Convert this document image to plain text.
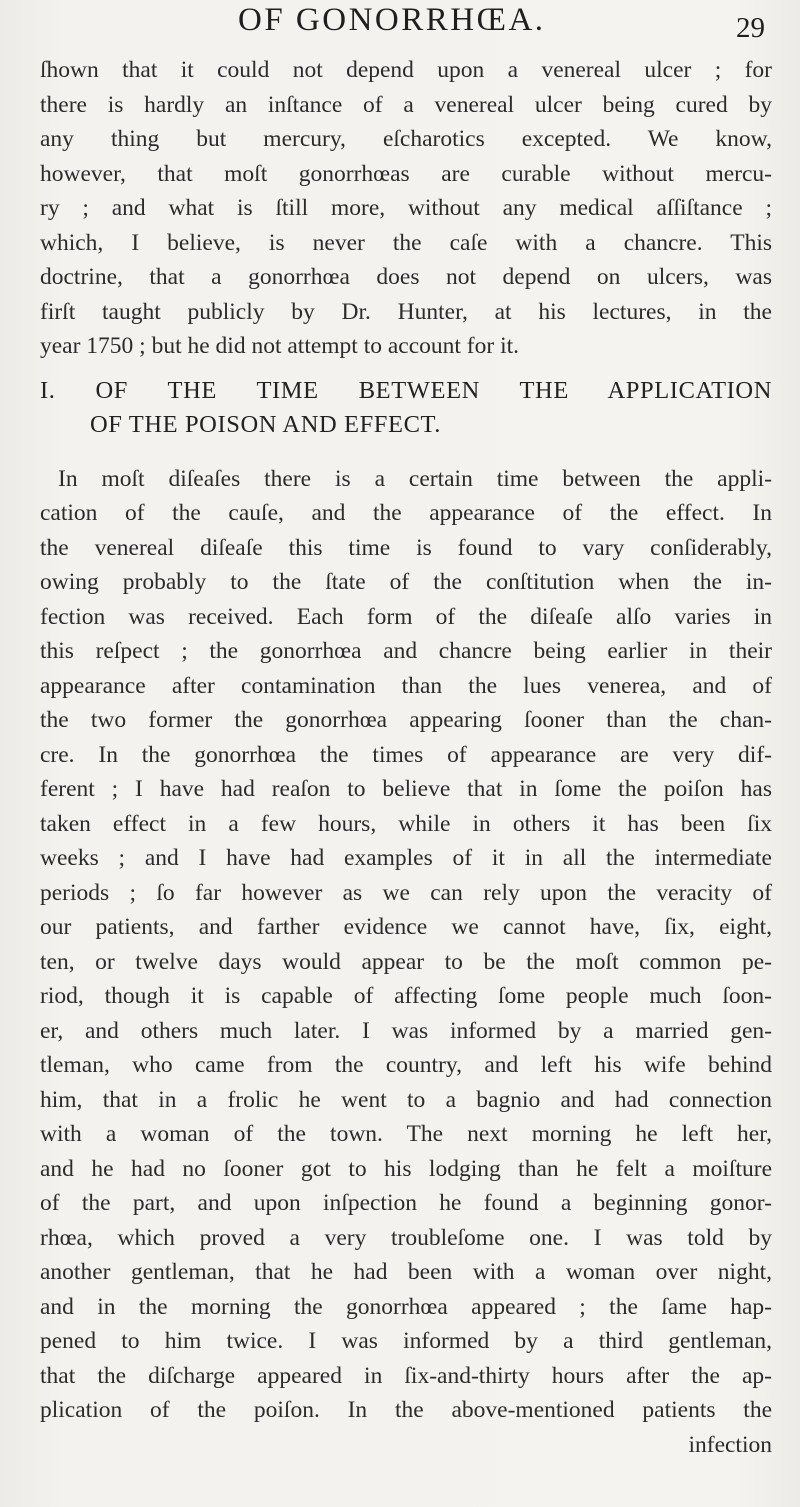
OF GONORRHŒA.	29
ſhown that it could not depend upon a venereal ulcer ; for
there is hardly an inſtance of a venereal ulcer being cured by
any thing but mercury, eſcharotics excepted. We know,
however, that moſt gonorrhœas are curable without mercu-
ry ; and what is ſtill more, without any medical aſſiſtance ;
which, I believe, is never the caſe with a chancre. This
doctrine, that a gonorrhœa does not depend on ulcers, was
firſt taught publicly by Dr. Hunter, at his lectures, in the
year 1750 ; but he did not attempt to account for it.
I. OF THE TIME BETWEEN THE APPLICATION
OF THE POISON AND EFFECT.
In moſt diſeaſes there is a certain time between the appli-
cation of the cauſe, and the appearance of the effect. In
the venereal diſeaſe this time is found to vary conſiderably,
owing probably to the ſtate of the conſtitution when the in-
fection was received. Each form of the diſeaſe alſo varies in
this reſpect ; the gonorrhœa and chancre being earlier in their
appearance after contamination than the lues venerea, and of
the two former the gonorrhœa appearing ſooner than the chan-
cre. In the gonorrhœa the times of appearance are very dif-
ferent ; I have had reaſon to believe that in ſome the poiſon has
taken effect in a few hours, while in others it has been ſix
weeks ; and I have had examples of it in all the intermediate
periods ; ſo far however as we can rely upon the veracity of
our patients, and farther evidence we cannot have, ſix, eight,
ten, or twelve days would appear to be the moſt common pe-
riod, though it is capable of affecting ſome people much ſoon-
er, and others much later. I was informed by a married gen-
tleman, who came from the country, and left his wife behind
him, that in a frolic he went to a bagnio and had connection
with a woman of the town. The next morning he left her,
and he had no ſooner got to his lodging than he felt a moiſture
of the part, and upon inſpection he found a beginning gonor-
rhœa, which proved a very troubleſome one. I was told by
another gentleman, that he had been with a woman over night,
and in the morning the gonorrhœa appeared ; the ſame hap-
pened to him twice. I was informed by a third gentleman,
that the diſcharge appeared in ſix-and-thirty hours after the ap-
plication of the poiſon. In the above-mentioned patients the
infection
